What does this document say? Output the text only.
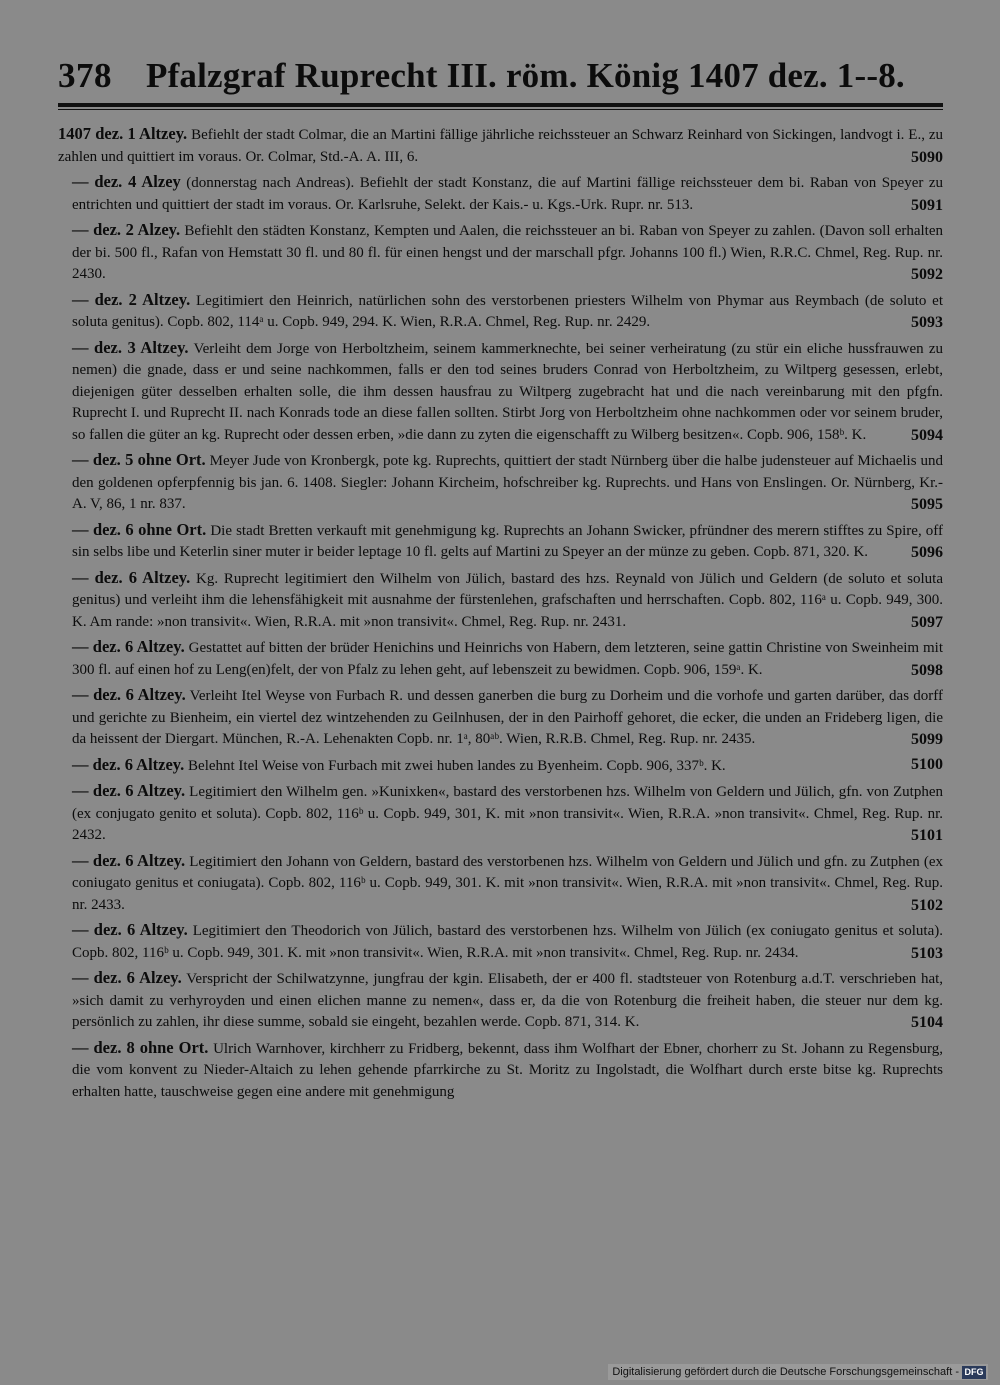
378 Pfalzgraf Ruprecht III. röm. König 1407 dez. 1--8.
1407 dez. 1 Altzey. Befiehlt der stadt Colmar, die an Martini fällige jährliche reichssteuer an Schwarz Reinhard von Sickingen, landvogt i. E., zu zahlen und quittiert im voraus. Or. Colmar, Std.-A. A. III, 6.	5090
— dez. 4 Alzey (donnerstag nach Andreas). Befiehlt der stadt Konstanz, die auf Martini fällige reichssteuer dem bi. Raban von Speyer zu entrichten und quittiert der stadt im voraus. Or. Karlsruhe, Selekt. der Kais.- u. Kgs.-Urk. Rupr. nr. 513.	5091
— dez. 2 Alzey. Befiehlt den städten Konstanz, Kempten und Aalen, die reichssteuer an bi. Raban von Speyer zu zahlen. (Davon soll erhalten der bi. 500 fl., Rafan von Hemstatt 30 fl. und 80 fl. für einen hengst und der marschall pfgr. Johanns 100 fl.) Wien, R.R.C. Chmel, Reg. Rup. nr. 2430.	5092
— dez. 2 Altzey. Legitimiert den Heinrich, natürlichen sohn des verstorbenen priesters Wilhelm von Phymar aus Reymbach (de soluto et soluta genitus). Copb. 802, 114ᵃ u. Copb. 949, 294. K. Wien, R.R.A. Chmel, Reg. Rup. nr. 2429.	5093
— dez. 3 Altzey. Verleiht dem Jorge von Herboltzheim, seinem kammerknechte, bei seiner verheiratung (zu stür ein eliche hussfrauwen zu nemen) die gnade, dass er und seine nachkommen, falls er den tod seines bruders Conrad von Herboltzheim, zu Wiltperg gesessen, erlebt, diejenigen güter desselben erhalten solle, die ihm dessen hausfrau zu Wiltperg zugebracht hat und die nach vereinbarung mit den pfgfn. Ruprecht I. und Ruprecht II. nach Konrads tode an diese fallen sollten. Stirbt Jorg von Herboltzheim ohne nachkommen oder vor seinem bruder, so fallen die güter an kg. Ruprecht oder dessen erben, »die dann zu zyten die eigenschafft zu Wilberg besitzen«. Copb. 906, 158ᵇ. K.	5094
— dez. 5 ohne Ort. Meyer Jude von Kronbergk, pote kg. Ruprechts, quittiert der stadt Nürnberg über die halbe judensteuer auf Michaelis und den goldenen opferpfennig bis jan. 6. 1408. Siegler: Johann Kircheim, hofschreiber kg. Ruprechts. und Hans von Enslingen. Or. Nürnberg, Kr.-A. V, 86, 1 nr. 837.	5095
— dez. 6 ohne Ort. Die stadt Bretten verkauft mit genehmigung kg. Ruprechts an Johann Swicker, pfründner des merern stifftes zu Spire, off sin selbs libe und Keterlin siner muter ir beider leptage 10 fl. gelts auf Martini zu Speyer an der münze zu geben. Copb. 871, 320. K.	5096
— dez. 6 Altzey. Kg. Ruprecht legitimiert den Wilhelm von Jülich, bastard des hzs. Reynald von Jülich und Geldern (de soluto et soluta genitus) und verleiht ihm die lehensfähigkeit mit ausnahme der fürstenlehen, grafschaften und herrschaften. Copb. 802, 116ᵃ u. Copb. 949, 300. K. Am rande: »non transivit«. Wien, R.R.A. mit »non transivit«. Chmel, Reg. Rup. nr. 2431.	5097
— dez. 6 Altzey. Gestattet auf bitten der brüder Henichins und Heinrichs von Habern, dem letzteren, seine gattin Christine von Sweinheim mit 300 fl. auf einen hof zu Leng(en)felt, der von Pfalz zu lehen geht, auf lebenszeit zu bewidmen. Copb. 906, 159ᵃ. K.	5098
— dez. 6 Altzey. Verleiht Itel Weyse von Furbach R. und dessen ganerben die burg zu Dorheim und die vorhofe und garten darüber, das dorff und gerichte zu Bienheim, ein viertel dez wintzehenden zu Geilnhusen, der in den Pairhoff gehoret, die ecker, die unden an Frideberg ligen, die da heissent der Diergart. München, R.-A. Lehenakten Copb. nr. 1ᵃ, 80ᵃᵇ. Wien, R.R.B. Chmel, Reg. Rup. nr. 2435.	5099
— dez. 6 Altzey. Belehnt Itel Weise von Furbach mit zwei huben landes zu Byenheim. Copb. 906, 337ᵇ. K.	5100
— dez. 6 Altzey. Legitimiert den Wilhelm gen. »Kunixken«, bastard des verstorbenen hzs. Wilhelm von Geldern und Jülich, gfn. von Zutphen (ex conjugato genito et soluta). Copb. 802, 116ᵇ u. Copb. 949, 301, K. mit »non transivit«. Wien, R.R.A. »non transivit«. Chmel, Reg. Rup. nr. 2432.	5101
— dez. 6 Altzey. Legitimiert den Johann von Geldern, bastard des verstorbenen hzs. Wilhelm von Geldern und Jülich und gfn. zu Zutphen (ex coniugato genitus et coniugata). Copb. 802, 116ᵇ u. Copb. 949, 301. K. mit »non transivit«. Wien, R.R.A. mit »non transivit«. Chmel, Reg. Rup. nr. 2433.	5102
— dez. 6 Altzey. Legitimiert den Theodorich von Jülich, bastard des verstorbenen hzs. Wilhelm von Jülich (ex coniugato genitus et soluta). Copb. 802, 116ᵇ u. Copb. 949, 301. K. mit »non transivit«. Wien, R.R.A. mit »non transivit«. Chmel, Reg. Rup. nr. 2434.	5103
— dez. 6 Alzey. Verspricht der Schilwatzynne, jungfrau der kgin. Elisabeth, der er 400 fl. stadtsteuer von Rotenburg a.d.T. verschrieben hat, »sich damit zu verhyroyden und einen elichen manne zu nemen«, dass er, da die von Rotenburg die freiheit haben, die steuer nur dem kg. persönlich zu zahlen, ihr diese summe, sobald sie eingeht, bezahlen werde. Copb. 871, 314. K.	5104
— dez. 8 ohne Ort. Ulrich Warnhover, kirchherr zu Fridberg, bekennt, dass ihm Wolfhart der Ebner, chorherr zu St. Johann zu Regensburg, die vom konvent zu Nieder-Altaich zu lehen gehende pfarrkirche zu St. Moritz zu Ingolstadt, die Wolfhart durch erste bitse kg. Ruprechts erhalten hatte, tauschweise gegen eine andere mit genehmigung
Digitalisierung gefördert durch die Deutsche Forschungsgemeinschaft - DFG
